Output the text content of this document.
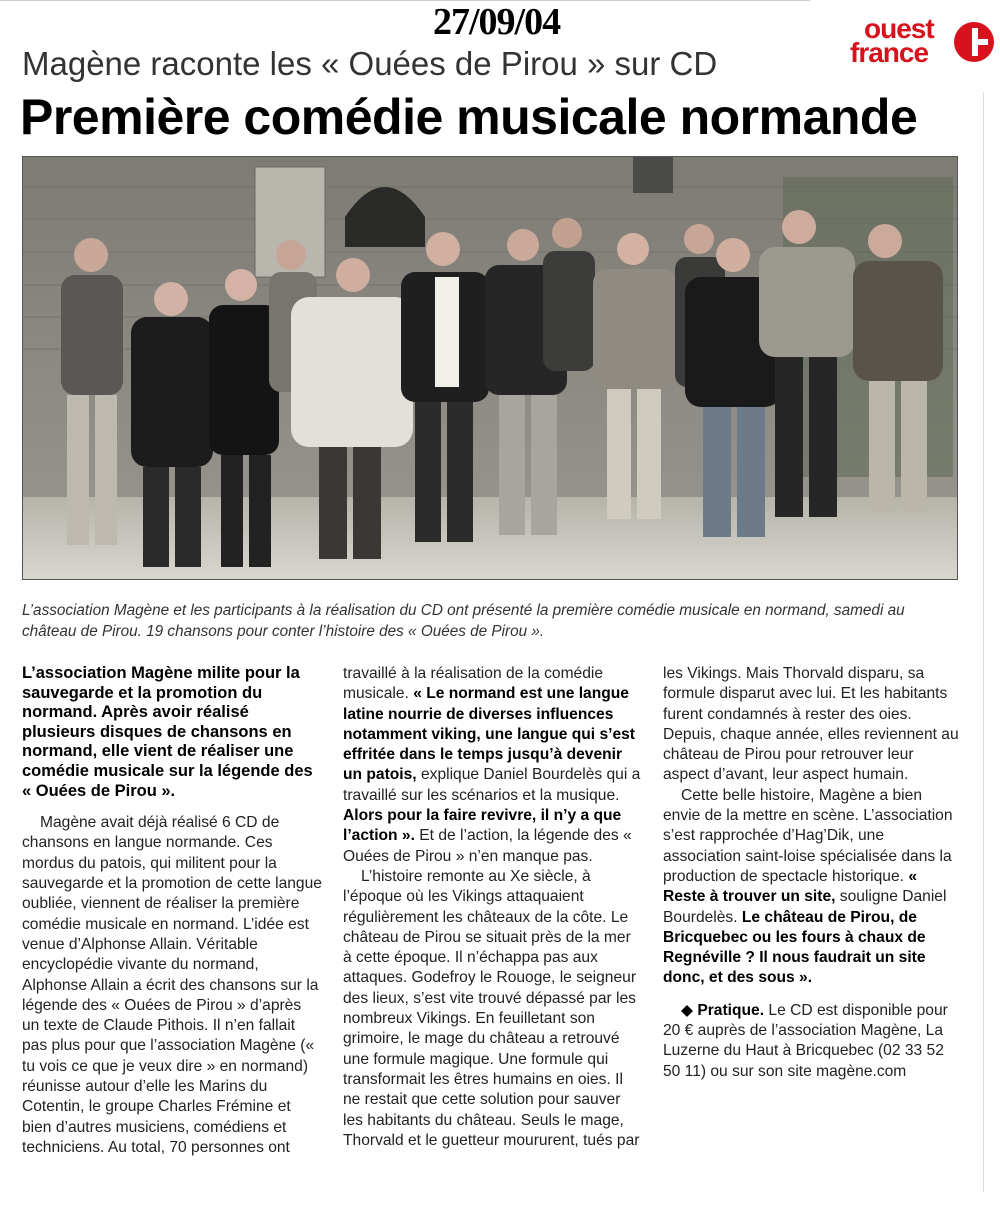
27/09/04	ouest
france
Magène raconte les « Ouées de Pirou » sur CD
Première comédie musicale normande
L’association Magène et les participants à la réalisation du CD ont présenté la première comédie musicale en normand, samedi au château de Pirou. 19 chansons pour conter l’histoire des « Ouées de Pirou ».

L’association Magène milite pour la sauvegarde et la promotion du normand. Après avoir réalisé plusieurs disques de chansons en normand, elle vient de réaliser une comédie musicale sur la légende des « Ouées de Pirou ».

Magène avait déjà réalisé 6 CD de chansons en langue normande. Ces mordus du patois, qui militent pour la sauvegarde et la promotion de cette langue oubliée, viennent de réaliser la première comédie musicale en normand. L’idée est venue d’Alphonse Allain. Véritable encyclopédie vivante du normand, Alphonse Allain a écrit des chansons sur la légende des « Ouées de Pirou » d’après un texte de Claude Pithois. Il n’en fallait pas plus pour que l’association Magène (« tu vois ce que je veux dire » en normand) réunisse autour d’elle les Marins du Cotentin, le groupe Charles Frémine et bien d’autres musiciens, comédiens et techniciens. Au total, 70 personnes ont

travaillé à la réalisation de la comédie musicale.

« Le normand est une langue latine nourrie de diverses influences notamment viking, une langue qui s’est effritée dans le temps jusqu’à devenir un patois, explique Daniel Bourdelès qui a travaillé sur les scénarios et la musique. Alors pour la faire revivre, il n’y a que l’action ». Et de l’action, la légende des « Ouées de Pirou » n’en manque pas.

L’histoire remonte au Xe siècle, à l’époque où les Vikings attaquaient régulièrement les châteaux de la côte. Le château de Pirou se situait près de la mer à cette époque. Il n’échappa pas aux attaques. Godefroy le Rouoge, le seigneur des lieux, s’est vite trouvé dépassé par les nombreux Vikings. En feuilletant son grimoire, le mage du château a retrouvé une formule magique. Une formule qui transformait les êtres humains en oies. Il ne restait que cette solution pour sauver les habitants du château. Seuls le mage, Thorvald et le guetteur moururent, tués par

les Vikings. Mais Thorvald disparu, sa formule disparut avec lui. Et les habitants furent condamnés à rester des oies. Depuis, chaque année, elles reviennent au château de Pirou pour retrouver leur aspect d’avant, leur aspect humain.

Cette belle histoire, Magène a bien envie de la mettre en scène. L’association s’est rapprochée d’Hag’Dik, une association saint-loise spécialisée dans la production de spectacle historique. « Reste à trouver un site, souligne Daniel Bourdelès. Le château de Pirou, de Bricquebec ou les fours à chaux de Regnéville ? Il nous faudrait un site donc, et des sous ».

◆ Pratique. Le CD est disponible pour 20 € auprès de l’association Magène, La Luzerne du Haut à Bricquebec (02 33 52 50 11) ou sur son site magène.com
